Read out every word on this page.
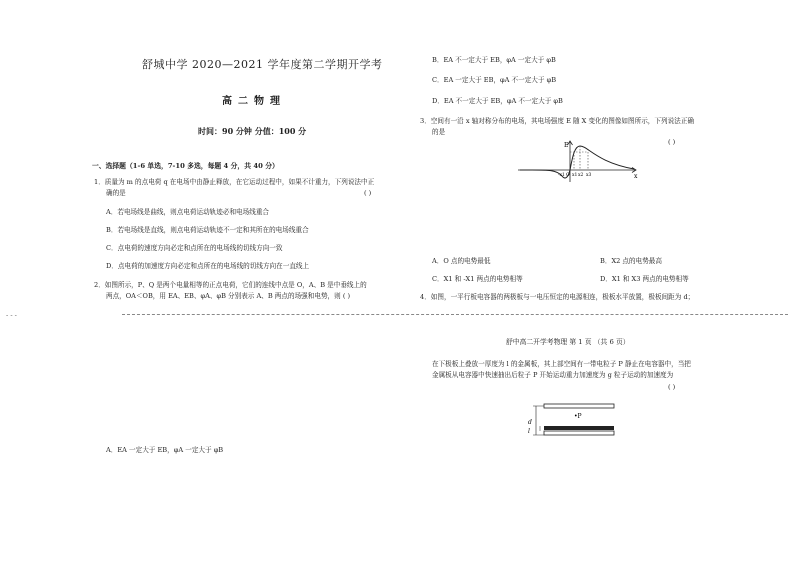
舒城中学 2020—2021 学年度第二学期开学考
高二物理
时间：90 分钟 分值：100 分
一、选择题（1-6 单选，7-10 多选，每题 4 分，共 40 分）
1．质量为 m 的点电荷 q 在电场中由静止释放，在它运动过程中，如果不计重力，下列说法中正
确的是	( )
A．若电场线是曲线，则点电荷运动轨迹必和电场线重合
B．若电场线是直线，则点电荷运动轨迹不一定和其所在的电场线重合
C．点电荷的速度方向必定和点所在的电场线的切线方向一致
D．点电荷的加速度方向必定和点所在的电场线的切线方向在一直线上
2．如图所示，P、Q 是两个电量相等的正点电荷，它们的连线中点是 O，A、B 是中垂线上的
两点，OA＜OB，用 EA、EB、φA、φB 分别表示 A、B 两点的场强和电势，则 ( )
A．EA 一定大于 EB，φA 一定大于 φB
- - -
B．EA 不一定大于 EB，φA 一定大于 φB
C．EA 一定大于 EB，φA 不一定大于 φB
D．EA 不一定大于 EB，φA 不一定大于 φB
3．空间有一沿 x 轴对称分布的电场，其电场强度 E 随 X 变化的图像如图所示，下列说法正确
的是
( )
E
x
O x1 x2 x3
-x1
A．O 点的电势最低	B．X2 点的电势最高
C．X1 和 -X1 两点的电势相等	D．X1 和 X3 两点的电势相等
4．如图，一平行板电容器的两极板与一电压恒定的电源相连，极板水平放置，极板间距为 d；
舒中高二开学考物理 第 1 页 （共 6 页）
在下极板上叠放一厚度为 l 的金属板，其上部空间有一带电粒子 P 静止在电容器中，当把
金属板从电容器中快速抽出后粒子 P 开始运动重力加速度为 g 粒子运动的加速度为
( )
d
l
•P
